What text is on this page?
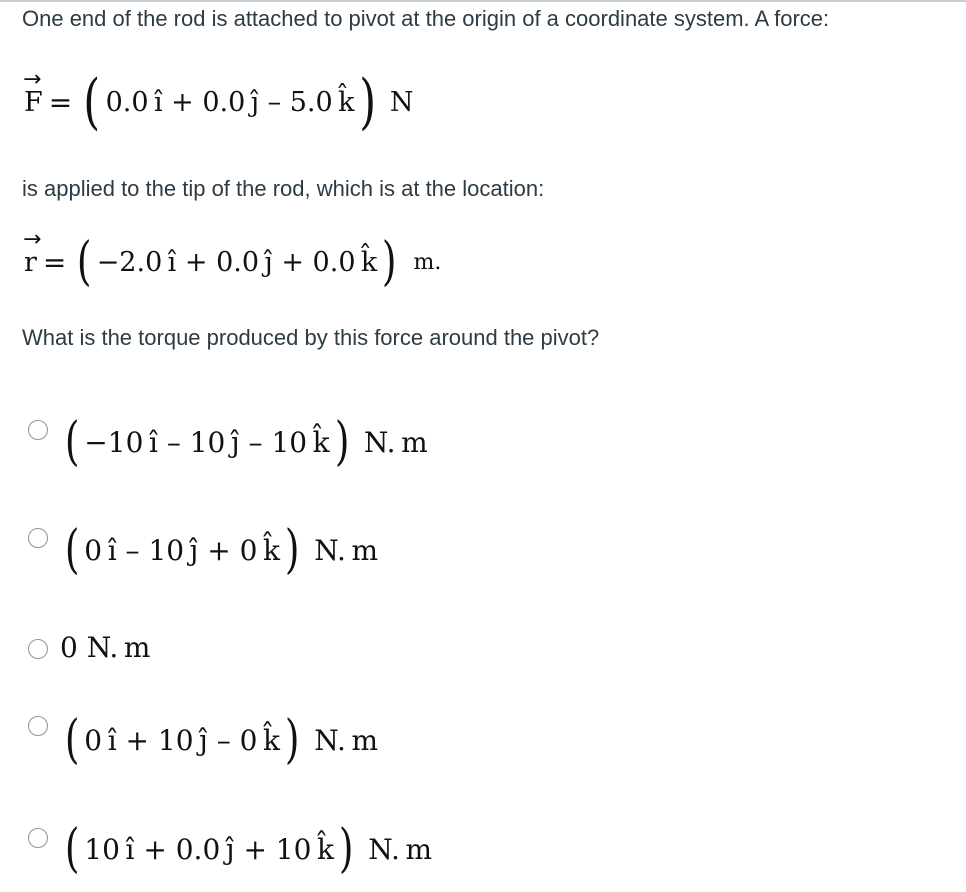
One end of the rod is attached to pivot at the origin of a coordinate system. A force:
→
F = ( 0.0 î + 0.0 ĵ – 5.0 k̂ ) N
is applied to the tip of the rod, which is at the location:
→
r = ( −2.0 î + 0.0 ĵ + 0.0 k̂ ) m.
What is the torque produced by this force around the pivot?
( −10 î – 10 ĵ – 10 k̂ ) N. m
( 0 î – 10 ĵ + 0 k̂ ) N. m
0 N. m
( 0 î + 10 ĵ – 0 k̂ ) N. m
( 10 î + 0.0 ĵ + 10 k̂ ) N. m
